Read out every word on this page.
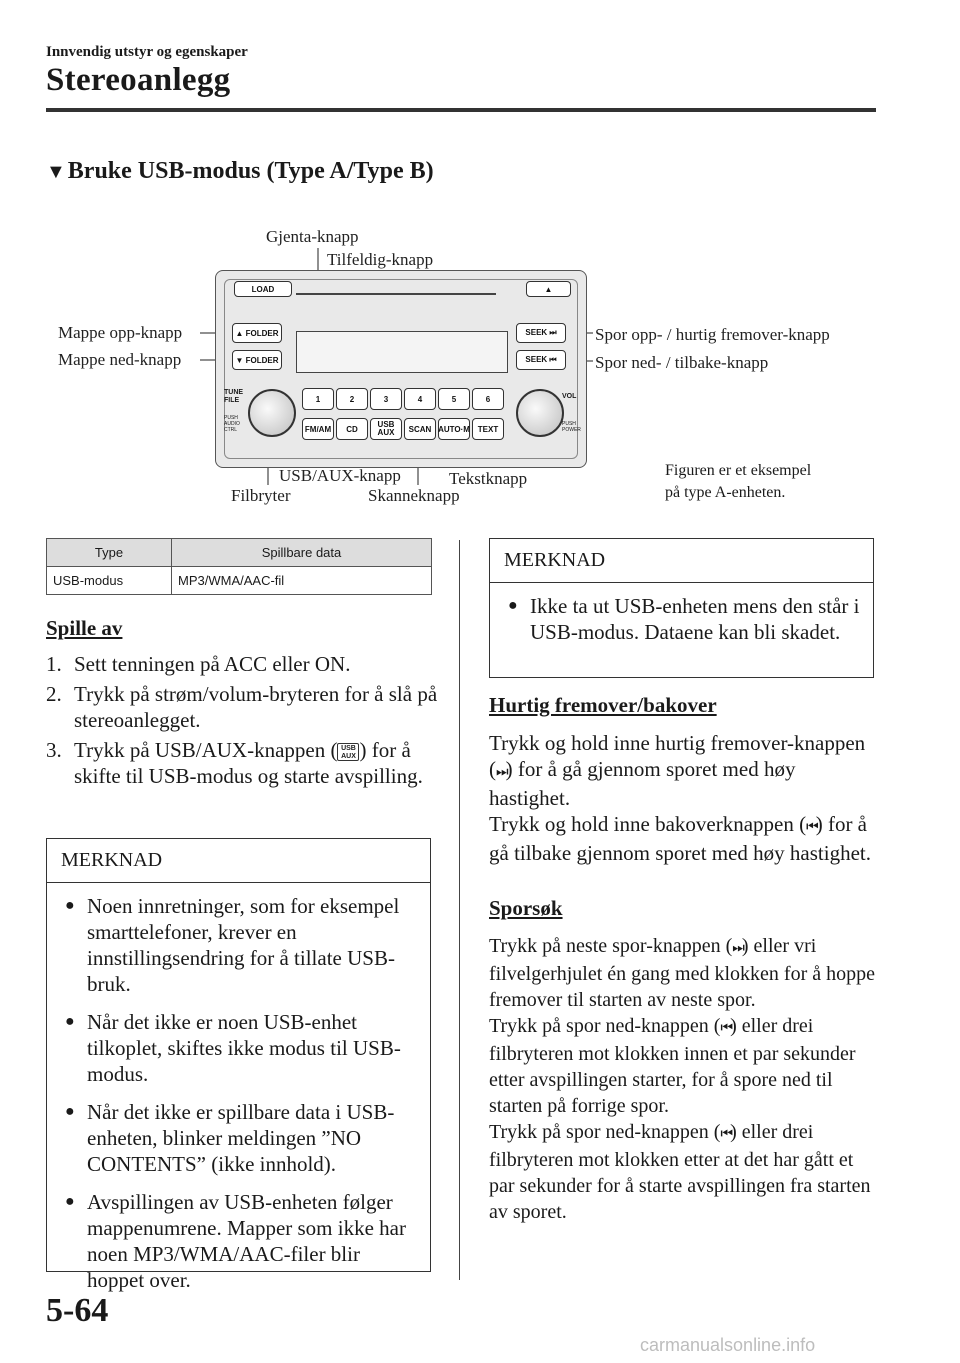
Innvendig utstyr og egenskaper
Stereoanlegg
▼Bruke USB-modus (Type A/Type B)
LOAD	▲
▲ FOLDER
▼ FOLDER
SEEK ⏭
SEEK ⏮
TUNE FILE
PUSH AUDIO CTRL
VOL
PUSH POWER
1	2	3	4	5	6
FM/AM	CD	USB AUX	SCAN AUTO·M TEXT
Gjenta-knapp
Tilfeldig-knapp
Mappe opp-knapp
Mappe ned-knapp
Spor opp- / hurtig fremover-knapp
Spor ned- / tilbake-knapp
USB/AUX-knapp	Tekstknapp
Filbryter	Skanneknapp
Figuren er et eksempel
på type A-enheten.
Type	Spillbare data
USB-modus	MP3/WMA/AAC-fil
Spille av
1. Sett tenningen på ACC eller ON.
2. Trykk på strøm/volum-bryteren for å slå på stereoanlegget.
3. Trykk på USB/AUX-knappen ( USB AUX ) for å skifte til USB-modus og starte avspilling.
MERKNAD
● Noen innretninger, som for eksempel smarttelefoner, krever en innstillingsendring for å tillate USB-bruk.
● Når det ikke er noen USB-enhet tilkoplet, skiftes ikke modus til USB-modus.
● Når det ikke er spillbare data i USB-enheten, blinker meldingen ”NO CONTENTS” (ikke innhold).
● Avspillingen av USB-enheten følger mappenumrene. Mapper som ikke har noen MP3/WMA/AAC-filer blir hoppet over.
MERKNAD
● Ikke ta ut USB-enheten mens den står i USB-modus. Dataene kan bli skadet.
Hurtig fremover/bakover

Trykk og hold inne hurtig fremover-knappen (⏭) for å gå gjennom sporet med høy hastighet.
Trykk og hold inne bakoverknappen (⏮) for å gå tilbake gjennom sporet med høy hastighet.

Sporsøk

Trykk på neste spor-knappen (⏭) eller vri filvelgerhjulet én gang med klokken for å hoppe fremover til starten av neste spor.
Trykk på spor ned-knappen (⏮) eller drei filbryteren mot klokken innen et par sekunder etter avspillingen starter, for å spore ned til starten på forrige spor.
Trykk på spor ned-knappen (⏮) eller drei filbryteren mot klokken etter at det har gått et par sekunder for å starte avspillingen fra starten av sporet.

5-64
carmanualsonline.info
